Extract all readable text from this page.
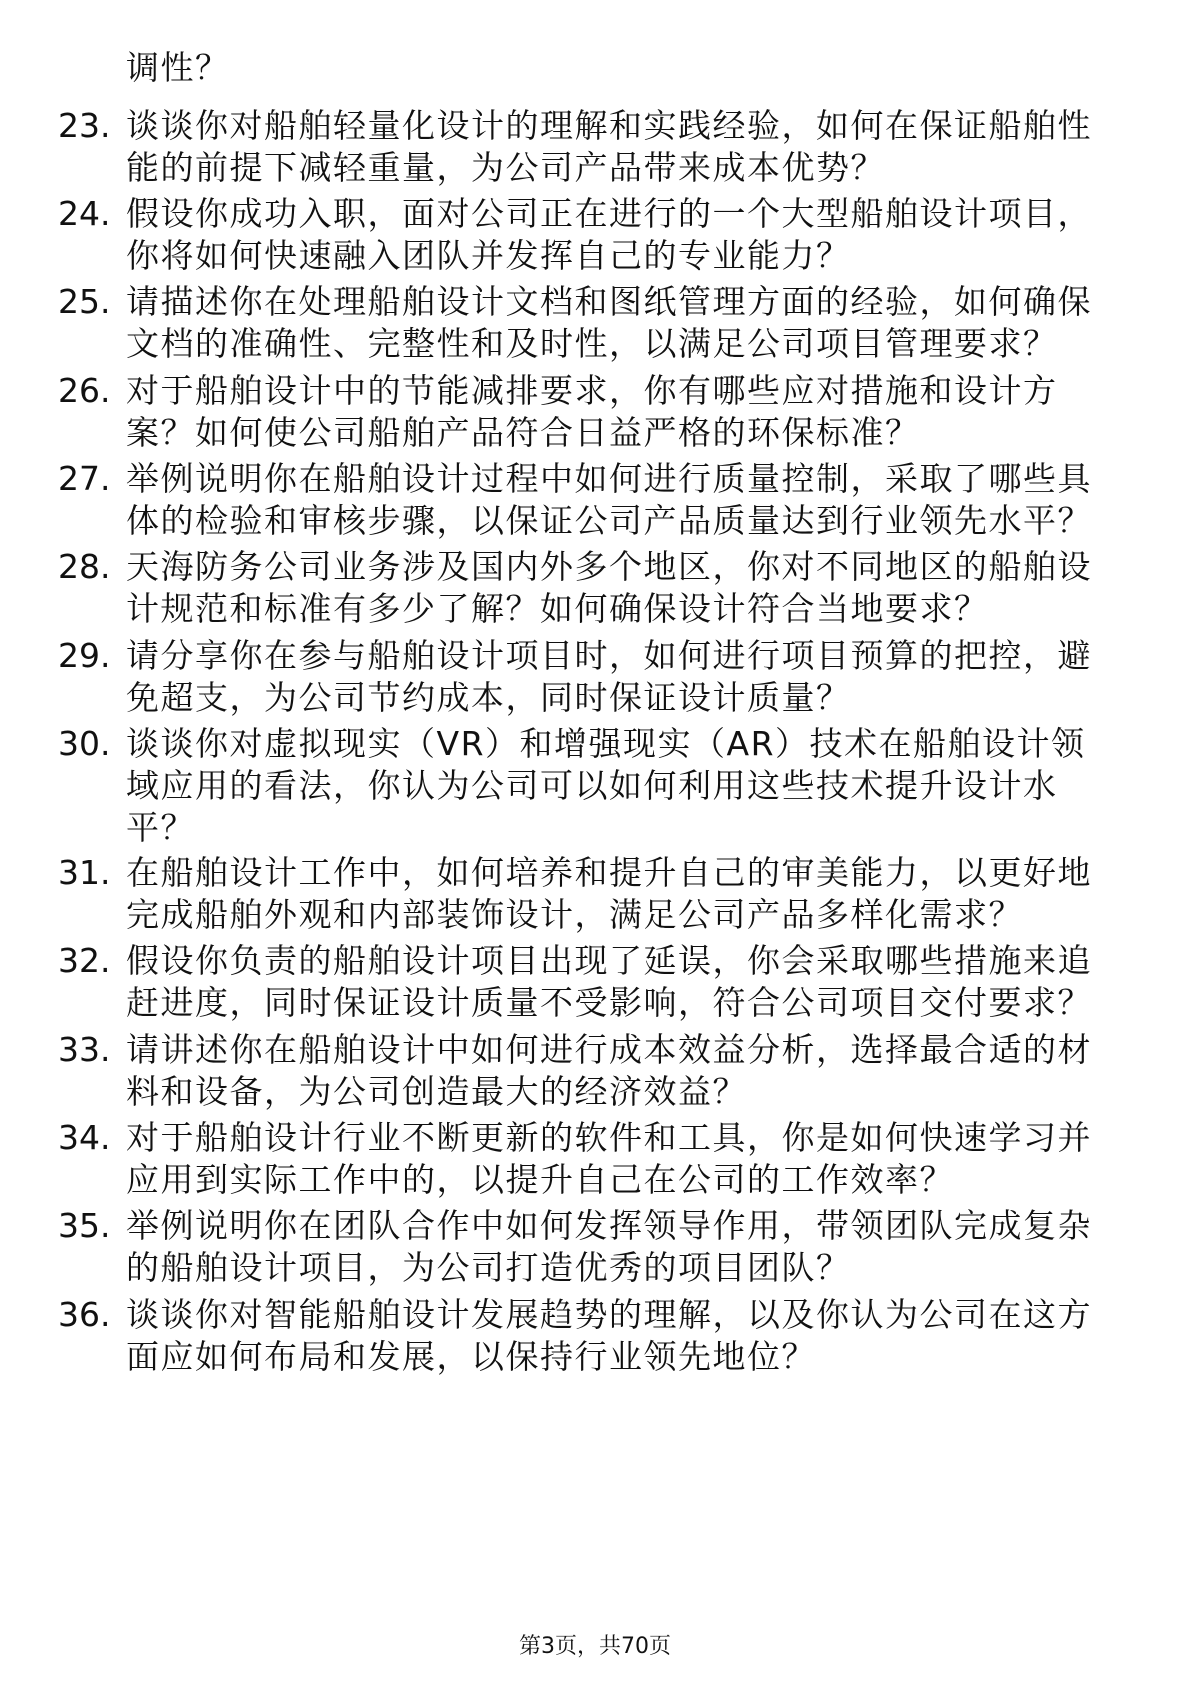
调性？
23. 谈谈你对船舶轻量化设计的理解和实践经验，如何在保证船舶性
能的前提下减轻重量，为公司产品带来成本优势？
24. 假设你成功入职，面对公司正在进行的一个大型船舶设计项目，
你将如何快速融入团队并发挥自己的专业能力？
25. 请描述你在处理船舶设计文档和图纸管理方面的经验，如何确保
文档的准确性、完整性和及时性，以满足公司项目管理要求？
26. 对于船舶设计中的节能减排要求，你有哪些应对措施和设计方
案？如何使公司船舶产品符合日益严格的环保标准？
27. 举例说明你在船舶设计过程中如何进行质量控制，采取了哪些具
体的检验和审核步骤，以保证公司产品质量达到行业领先水平？
28. 天海防务公司业务涉及国内外多个地区，你对不同地区的船舶设
计规范和标准有多少了解？如何确保设计符合当地要求？
29. 请分享你在参与船舶设计项目时，如何进行项目预算的把控，避
免超支，为公司节约成本，同时保证设计质量？
30. 谈谈你对虚拟现实（VR）和增强现实（AR）技术在船舶设计领
域应用的看法，你认为公司可以如何利用这些技术提升设计水
平？
31. 在船舶设计工作中，如何培养和提升自己的审美能力，以更好地
完成船舶外观和内部装饰设计，满足公司产品多样化需求？
32. 假设你负责的船舶设计项目出现了延误，你会采取哪些措施来追
赶进度，同时保证设计质量不受影响，符合公司项目交付要求？
33. 请讲述你在船舶设计中如何进行成本效益分析，选择最合适的材
料和设备，为公司创造最大的经济效益？
34. 对于船舶设计行业不断更新的软件和工具，你是如何快速学习并
应用到实际工作中的，以提升自己在公司的工作效率？
35. 举例说明你在团队合作中如何发挥领导作用，带领团队完成复杂
的船舶设计项目，为公司打造优秀的项目团队？
36. 谈谈你对智能船舶设计发展趋势的理解，以及你认为公司在这方
面应如何布局和发展，以保持行业领先地位？
第3页，共70页
